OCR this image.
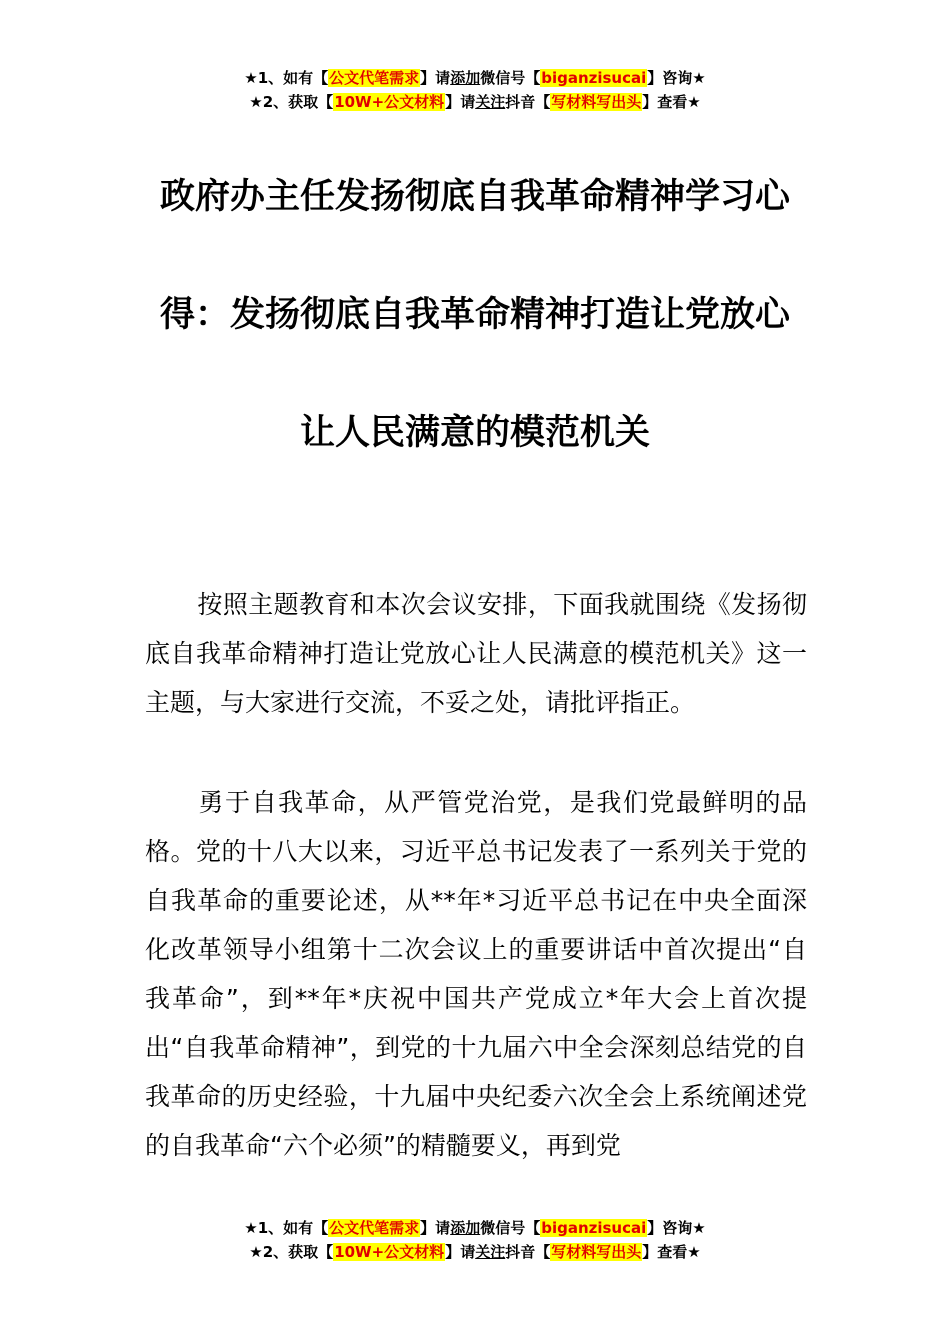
★1、如有【公文代笔需求】请添加微信号【biganzisucai】咨询★
★2、获取【10W+公文材料】请关注抖音【写材料写出头】查看★
政府办主任发扬彻底自我革命精神学习心
得：发扬彻底自我革命精神打造让党放心
让人民满意的模范机关
按照主题教育和本次会议安排，下面我就围绕《发扬彻底自我革命精神打造让党放心让人民满意的模范机关》这一主题，与大家进行交流，不妥之处，请批评指正。
勇于自我革命，从严管党治党，是我们党最鲜明的品格。党的十八大以来，习近平总书记发表了一系列关于党的自我革命的重要论述，从**年*习近平总书记在中央全面深化改革领导小组第十二次会议上的重要讲话中首次提出“自我革命”，到**年*庆祝中国共产党成立*年大会上首次提出“自我革命精神”，到党的十九届六中全会深刻总结党的自我革命的历史经验，十九届中央纪委六次全会上系统阐述党的自我革命“六个必须”的精髓要义，再到党
★1、如有【公文代笔需求】请添加微信号【biganzisucai】咨询★
★2、获取【10W+公文材料】请关注抖音【写材料写出头】查看★
